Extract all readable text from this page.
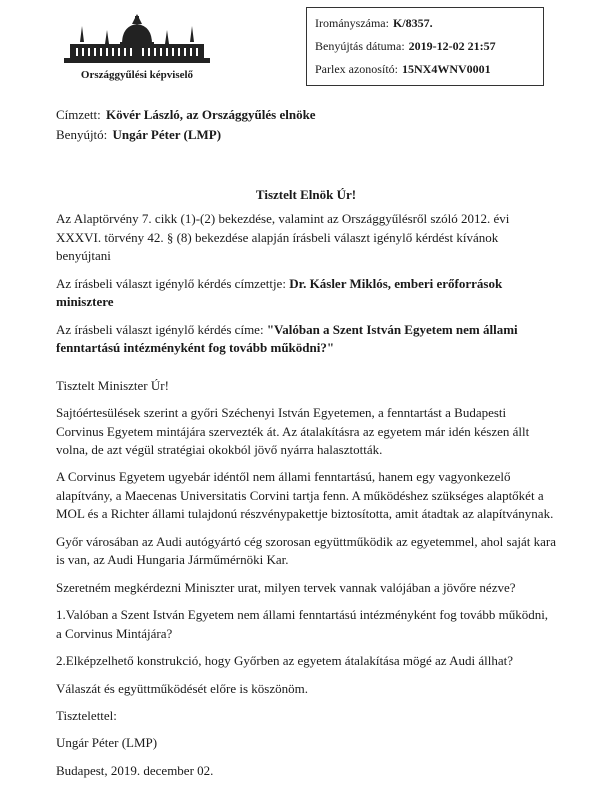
Országgyűlési képviselő
Irományszáma: K/8357.
Benyújtás dátuma: 2019-12-02 21:57
Parlex azonosító: 15NX4WNV0001
Címzett: Kövér László, az Országgyűlés elnöke
Benyújtó: Ungár Péter (LMP)
Tisztelt Elnök Úr!

Az Alaptörvény 7. cikk (1)-(2) bekezdése, valamint az Országgyűlésről szóló 2012. évi XXXVI. törvény 42. § (8) bekezdése alapján írásbeli választ igénylő kérdést kívánok benyújtani

Az írásbeli választ igénylő kérdés címzettje: Dr. Kásler Miklós, emberi erőforrások minisztere

Az írásbeli választ igénylő kérdés címe: "Valóban a Szent István Egyetem nem állami fenntartású intézményként fog tovább működni?"

Tisztelt Miniszter Úr!

Sajtóértesülések szerint a győri Széchenyi István Egyetemen, a fenntartást a Budapesti Corvinus Egyetem mintájára szervezték át. Az átalakításra az egyetem már idén készen állt volna, de azt végül stratégiai okokból jövő nyárra halasztották.

A Corvinus Egyetem ugyebár idéntől nem állami fenntartású, hanem egy vagyonkezelő alapítvány, a Maecenas Universitatis Corvini tartja fenn. A működéshez szükséges alaptőkét a MOL és a Richter állami tulajdonú részvénypakettje biztosította, amit átadtak az alapítványnak.

Győr városában az Audi autógyártó cég szorosan együttműködik az egyetemmel, ahol saját kara is van, az Audi Hungaria Járműmérnöki Kar.

Szeretném megkérdezni Miniszter urat, milyen tervek vannak valójában a jövőre nézve?

1.Valóban a Szent István Egyetem nem állami fenntartású intézményként fog tovább működni, a Corvinus Mintájára?

2.Elképzelhető konstrukció, hogy Győrben az egyetem átalakítása mögé az Audi állhat?

Válaszát és együttműködését előre is köszönöm.

Tisztelettel:

Ungár Péter (LMP)

Budapest, 2019. december 02.
